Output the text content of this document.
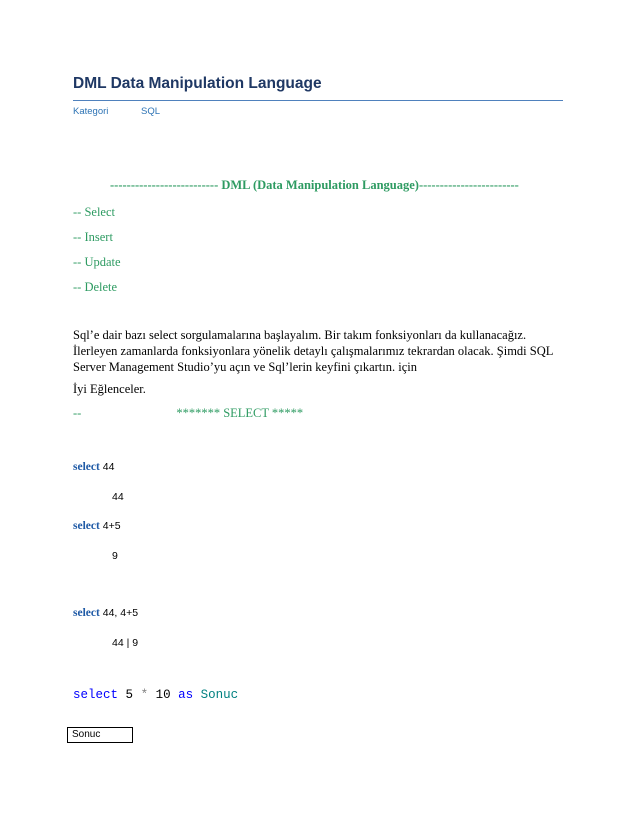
DML Data Manipulation Language
Kategori	SQL
-------------------------- DML (Data Manipulation Language)------------------------
-- Select
-- Insert
-- Update
-- Delete
Sql’e dair bazı select sorgulamalarına başlayalım. Bir takım fonksiyonları da kullanacağız.
İlerleyen zamanlarda fonksiyonlara yönelik detaylı çalışmalarımız tekrardan olacak. Şimdi SQL
Server Management Studio’yu açın ve Sql’lerin keyfini çıkartın. için
İyi Eğlenceler.
--	******* SELECT *****
select 44
44
select 4+5
9
select 44, 4+5
44 | 9
select 5 * 10 as Sonuc
Sonuc
